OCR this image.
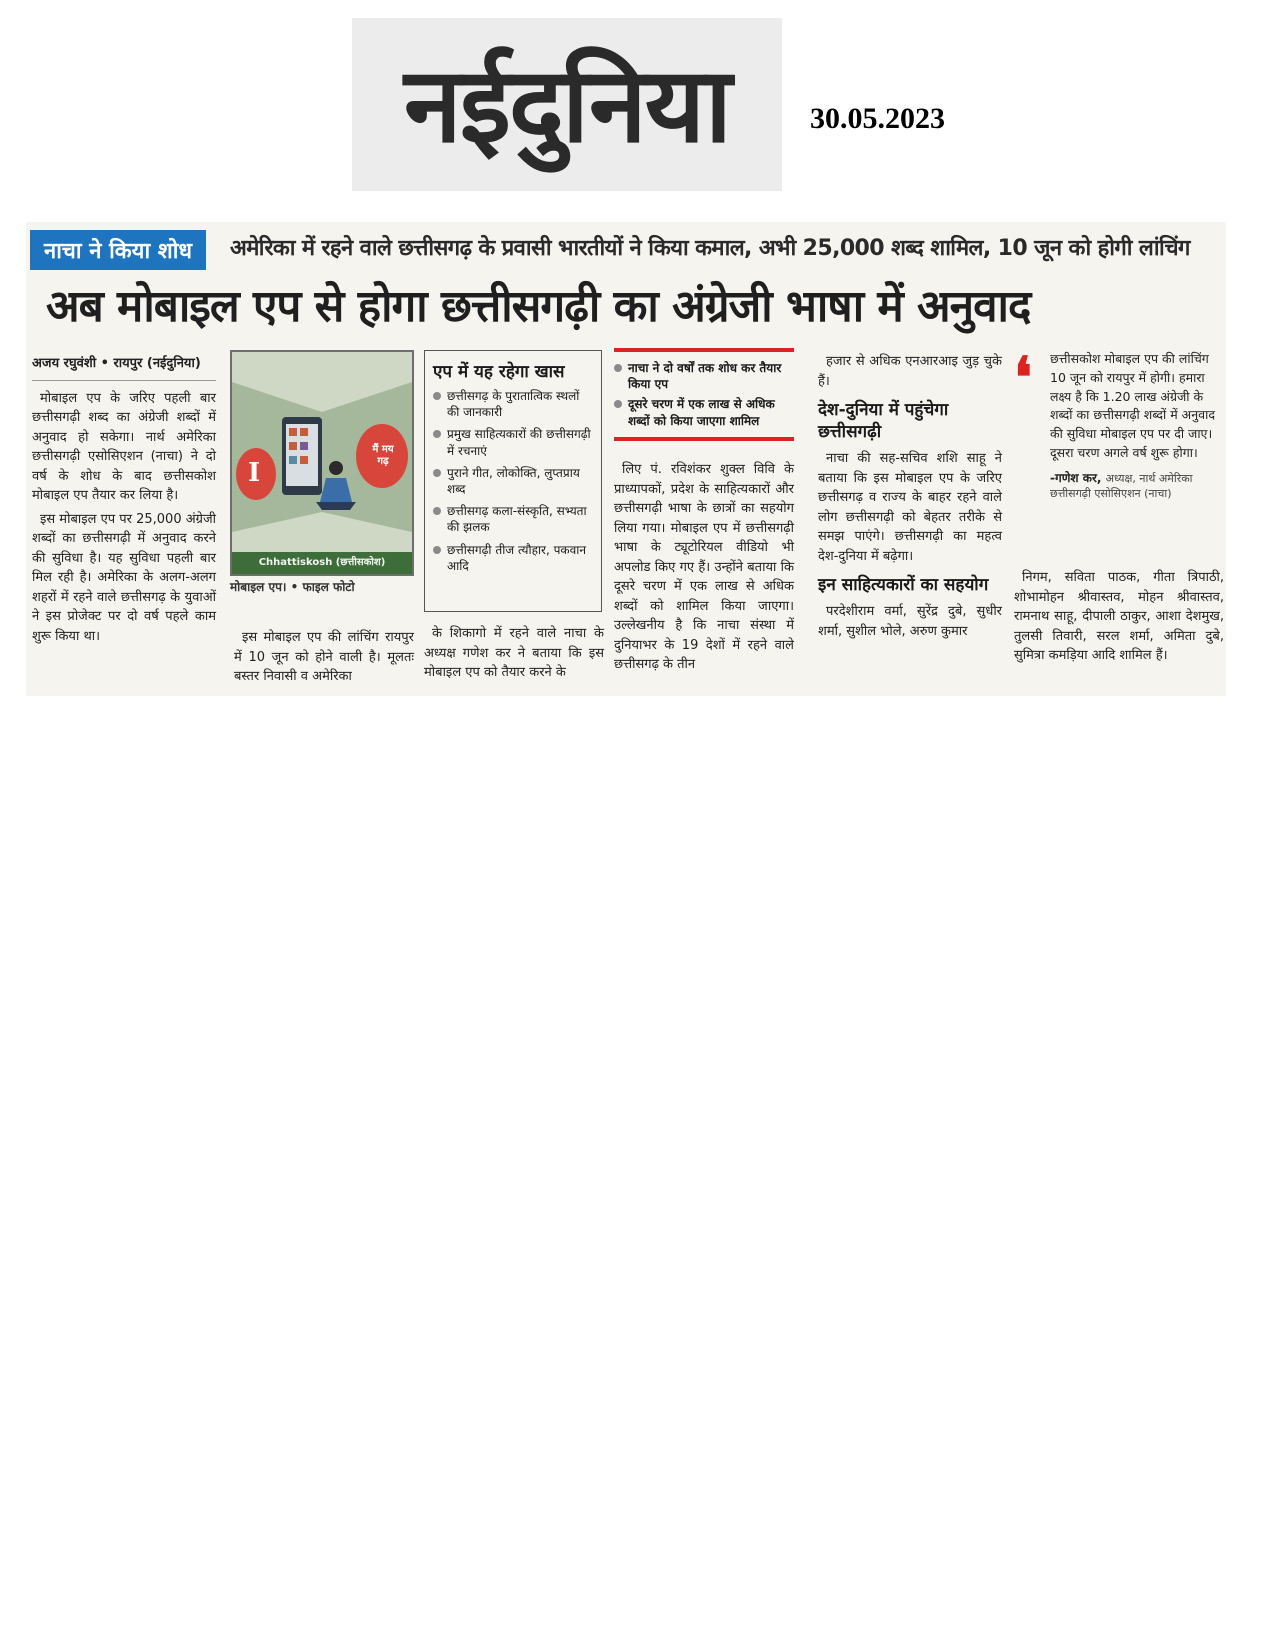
नईदुनिया	30.05.2023
नाचा ने किया शोध	अमेरिका में रहने वाले छत्तीसगढ़ के प्रवासी भारतीयों ने किया कमाल, अभी 25,000 शब्द शामिल, 10 जून को होगी लांचिंग
अब मोबाइल एप से होगा छत्तीसगढ़ी का अंग्रेजी भाषा में अनुवाद
अजय रघुवंशी • रायपुर (नईदुनिया)

मोबाइल एप के जरिए पहली बार छत्तीसगढ़ी शब्द का अंग्रेजी शब्दों में अनुवाद हो सकेगा। नार्थ अमेरिका छत्तीसगढ़ी एसोसिएशन (नाचा) ने दो वर्ष के शोध के बाद छत्तीसकोश मोबाइल एप तैयार कर लिया है।

इस मोबाइल एप पर 25,000 अंग्रेजी शब्दों का छत्तीसगढ़ी में अनुवाद करने की सुविधा है। यह सुविधा पहली बार मिल रही है। अमेरिका के अलग-अलग शहरों में रहने वाले छत्तीसगढ़ के युवाओं ने इस प्रोजेक्ट पर दो वर्ष पहले काम शुरू किया था।

I
मैं मय गढ़
Chhattiskosh (छत्तीसकोश)
मोबाइल एप। • फाइल फोटो

इस मोबाइल एप की लांचिंग रायपुर में 10 जून को होने वाली है। मूलतः बस्तर निवासी व अमेरिका

एप में यह रहेगा खास
छत्तीसगढ़ के पुरातात्विक स्थलों की जानकारी
प्रमुख साहित्यकारों की छत्तीसगढ़ी में रचनाएं
पुराने गीत, लोकोक्ति, लुप्तप्राय शब्द
छत्तीसगढ़ कला-संस्कृति, सभ्यता की झलक
छत्तीसगढ़ी तीज त्यौहार, पकवान आदि

के शिकागो में रहने वाले नाचा के अध्यक्ष गणेश कर ने बताया कि इस मोबाइल एप को तैयार करने के

नाचा ने दो वर्षों तक शोध कर तैयार किया एप
दूसरे चरण में एक लाख से अधिक शब्दों को किया जाएगा शामिल

लिए पं. रविशंकर शुक्ल विवि के प्राध्यापकों, प्रदेश के साहित्यकारों और छत्तीसगढ़ी भाषा के छात्रों का सहयोग लिया गया। मोबाइल एप में छत्तीसगढ़ी भाषा के ट्यूटोरियल वीडियो भी अपलोड किए गए हैं। उन्होंने बताया कि दूसरे चरण में एक लाख से अधिक शब्दों को शामिल किया जाएगा। उल्लेखनीय है कि नाचा संस्था में दुनियाभर के 19 देशों में रहने वाले छत्तीसगढ़ के तीन

हजार से अधिक एनआरआइ जुड़ चुके हैं।

देश-दुनिया में पहुंचेगा छत्तीसगढ़ी

नाचा की सह-सचिव शशि साहू ने बताया कि इस मोबाइल एप के जरिए छत्तीसगढ़ व राज्य के बाहर रहने वाले लोग छत्तीसगढ़ी को बेहतर तरीके से समझ पाएंगे। छत्तीसगढ़ी का महत्व देश-दुनिया में बढ़ेगा।

इन साहित्यकारों का सहयोग

परदेशीराम वर्मा, सुरेंद्र दुबे, सुधीर शर्मा, सुशील भोले, अरुण कुमार

❛ छत्तीसकोश मोबाइल एप की लांचिंग 10 जून को रायपुर में होगी। हमारा लक्ष्य है कि 1.20 लाख अंग्रेजी के शब्दों का छत्तीसगढ़ी शब्दों में अनुवाद की सुविधा मोबाइल एप पर दी जाए। दूसरा चरण अगले वर्ष शुरू होगा।
-गणेश कर, अध्यक्ष, नार्थ अमेरिका छत्तीसगढ़ी एसोसिएशन (नाचा)

निगम, सविता पाठक, गीता त्रिपाठी, शोभामोहन श्रीवास्तव, मोहन श्रीवास्तव, रामनाथ साहू, दीपाली ठाकुर, आशा देशमुख, तुलसी तिवारी, सरल शर्मा, अमिता दुबे, सुमित्रा कमड़िया आदि शामिल हैं।
